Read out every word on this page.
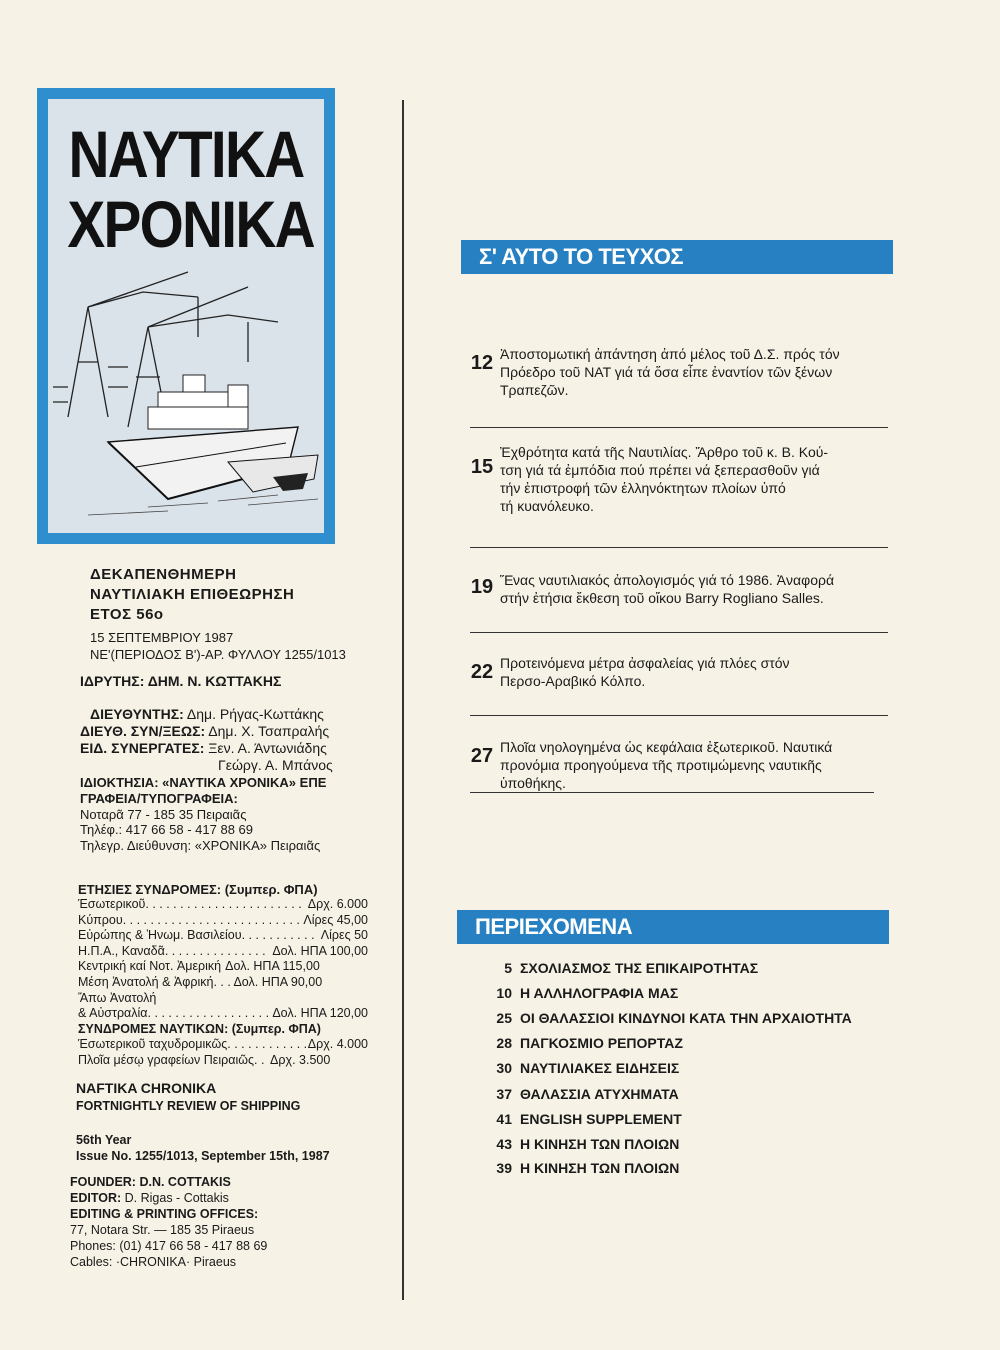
ΝΑΥΤΙΚΑ
ΧΡΟΝΙΚΑ
ΔΕΚΑΠΕΝΘΗΜΕΡΗ
ΝΑΥΤΙΛΙΑΚΗ ΕΠΙΘΕΩΡΗΣΗ
ΕΤΟΣ 56ο
15 ΣΕΠΤΕΜΒΡΙΟΥ 1987
ΝΕ'(ΠΕΡΙΟΔΟΣ Β')-ΑΡ. ΦΥΛΛΟΥ 1255/1013
ΙΔΡΥΤΗΣ: ΔΗΜ. Ν. ΚΩΤΤΑΚΗΣ
ΔΙΕΥΘΥΝΤΗΣ: Δημ. Ρήγας-Κωττάκης
ΔΙΕΥΘ. ΣΥΝ/ΞΕΩΣ: Δημ. Χ. Τσαπραλής
ΕΙΔ. ΣΥΝΕΡΓΑΤΕΣ: Ξεν. Α. Άντωνιάδης
Γεώργ. Α. Μπάνος
ΙΔΙΟΚΤΗΣΙΑ: «ΝΑΥΤΙΚΑ ΧΡΟΝΙΚΑ» ΕΠΕ
ΓΡΑΦΕΙΑ/ΤΥΠΟΓΡΑΦΕΙΑ:
Νοταρᾶ 77 - 185 35 Πειραιᾶς
Τηλέφ.: 417 66 58 - 417 88 69
Τηλεγρ. Διεύθυνση: «ΧΡΟΝΙΚΑ» Πειραιᾶς
ΕΤΗΣΙΕΣ ΣΥΝΔΡΟΜΕΣ: (Συμπερ. ΦΠΑ)
Έσωτερικοῦ . . .	Δρχ. 6.000
Κύπρου . . .	Λίρες 45,00
Εὐρώπης & Ἡνωμ. Βασιλείου . . .	Λίρες 50
Η.Π.Α., Καναδᾶ . . .	Δολ. ΗΠΑ 100,00
Κεντρική καί Νοτ. Ἀμερική Δολ. ΗΠΑ 115,00
Μέση Ἀνατολή & Ἀφρική . . . Δολ. ΗΠΑ 90,00
Ἄπω Ἀνατολή
& Αὐστραλία . . .	Δολ. ΗΠΑ 120,00
ΣΥΝΔΡΟΜΕΣ ΝΑΥΤΙΚΩΝ: (Συμπερ. ΦΠΑ)
Έσωτερικοῦ ταχυδρομικῶς . . .	Δρχ. 4.000
Πλοῖα μέσῳ γραφείων Πειραιῶς . . . Δρχ. 3.500
NAFTIKA CHRONIKA
FORTNIGHTLY REVIEW OF SHIPPING
56th Year
Issue No. 1255/1013, September 15th, 1987
FOUNDER: D.N. COTTAKIS
EDITOR: D. Rigas - Cottakis
EDITING & PRINTING OFFICES:
77, Notara Str. — 185 35 Piraeus
Phones: (01) 417 66 58 - 417 88 69
Cables: ·CHRONIKA· Piraeus
Σ' ΑΥΤΟ ΤΟ ΤΕΥΧΟΣ
12 Ἀποστομωτική ἀπάντηση ἀπό μέλος τοῦ Δ.Σ. πρός τόν
Πρόεδρο τοῦ ΝΑΤ γιά τά ὅσα εἶπε ἐναντίον τῶν ξένων
Τραπεζῶν.
15
Ἐχθρότητα κατά τῆς Ναυτιλίας. Ἄρθρο τοῦ κ. Β. Κού-
τση γιά τά ἐμπόδια πού πρέπει νά ξεπερασθοῦν γιά
τήν ἐπιστροφή τῶν ἑλληνόκτητων πλοίων ὑπό
τή κυανόλευκο.
19 Ἕνας ναυτιλιακός ἀπολογισμός γιά τό 1986. Ἀναφορά
στήν ἐτήσια ἔκθεση τοῦ οἴκου Barry Rogliano Salles.
22 Προτεινόμενα μέτρα ἀσφαλείας γιά πλόες στόν
Περσο-Αραβικό Κόλπο.
27 Πλοῖα νηολογημένα ὡς κεφάλαια ἐξωτερικοῦ. Ναυτικά
προνόμια προηγούμενα τῆς προτιμώμενης ναυτικῆς
ὑποθήκης.
ΠΕΡΙΕΧΟΜΕΝΑ
5 ΣΧΟΛΙΑΣΜΟΣ ΤΗΣ ΕΠΙΚΑΙΡΟΤΗΤΑΣ
10 Η ΑΛΛΗΛΟΓΡΑΦΙΑ ΜΑΣ
25 ΟΙ ΘΑΛΑΣΣΙΟΙ ΚΙΝΔΥΝΟΙ ΚΑΤΑ ΤΗΝ ΑΡΧΑΙΟΤΗΤΑ
28 ΠΑΓΚΟΣΜΙΟ ΡΕΠΟΡΤΑΖ
30 ΝΑΥΤΙΛΙΑΚΕΣ ΕΙΔΗΣΕΙΣ
37 ΘΑΛΑΣΣΙΑ ΑΤΥΧΗΜΑΤΑ
41 ENGLISH SUPPLEMENT
43 Η ΚΙΝΗΣΗ ΤΩΝ ΠΛΟΙΩΝ
39 Η ΚΙΝΗΣΗ ΤΩΝ ΠΛΟΙΩΝ
